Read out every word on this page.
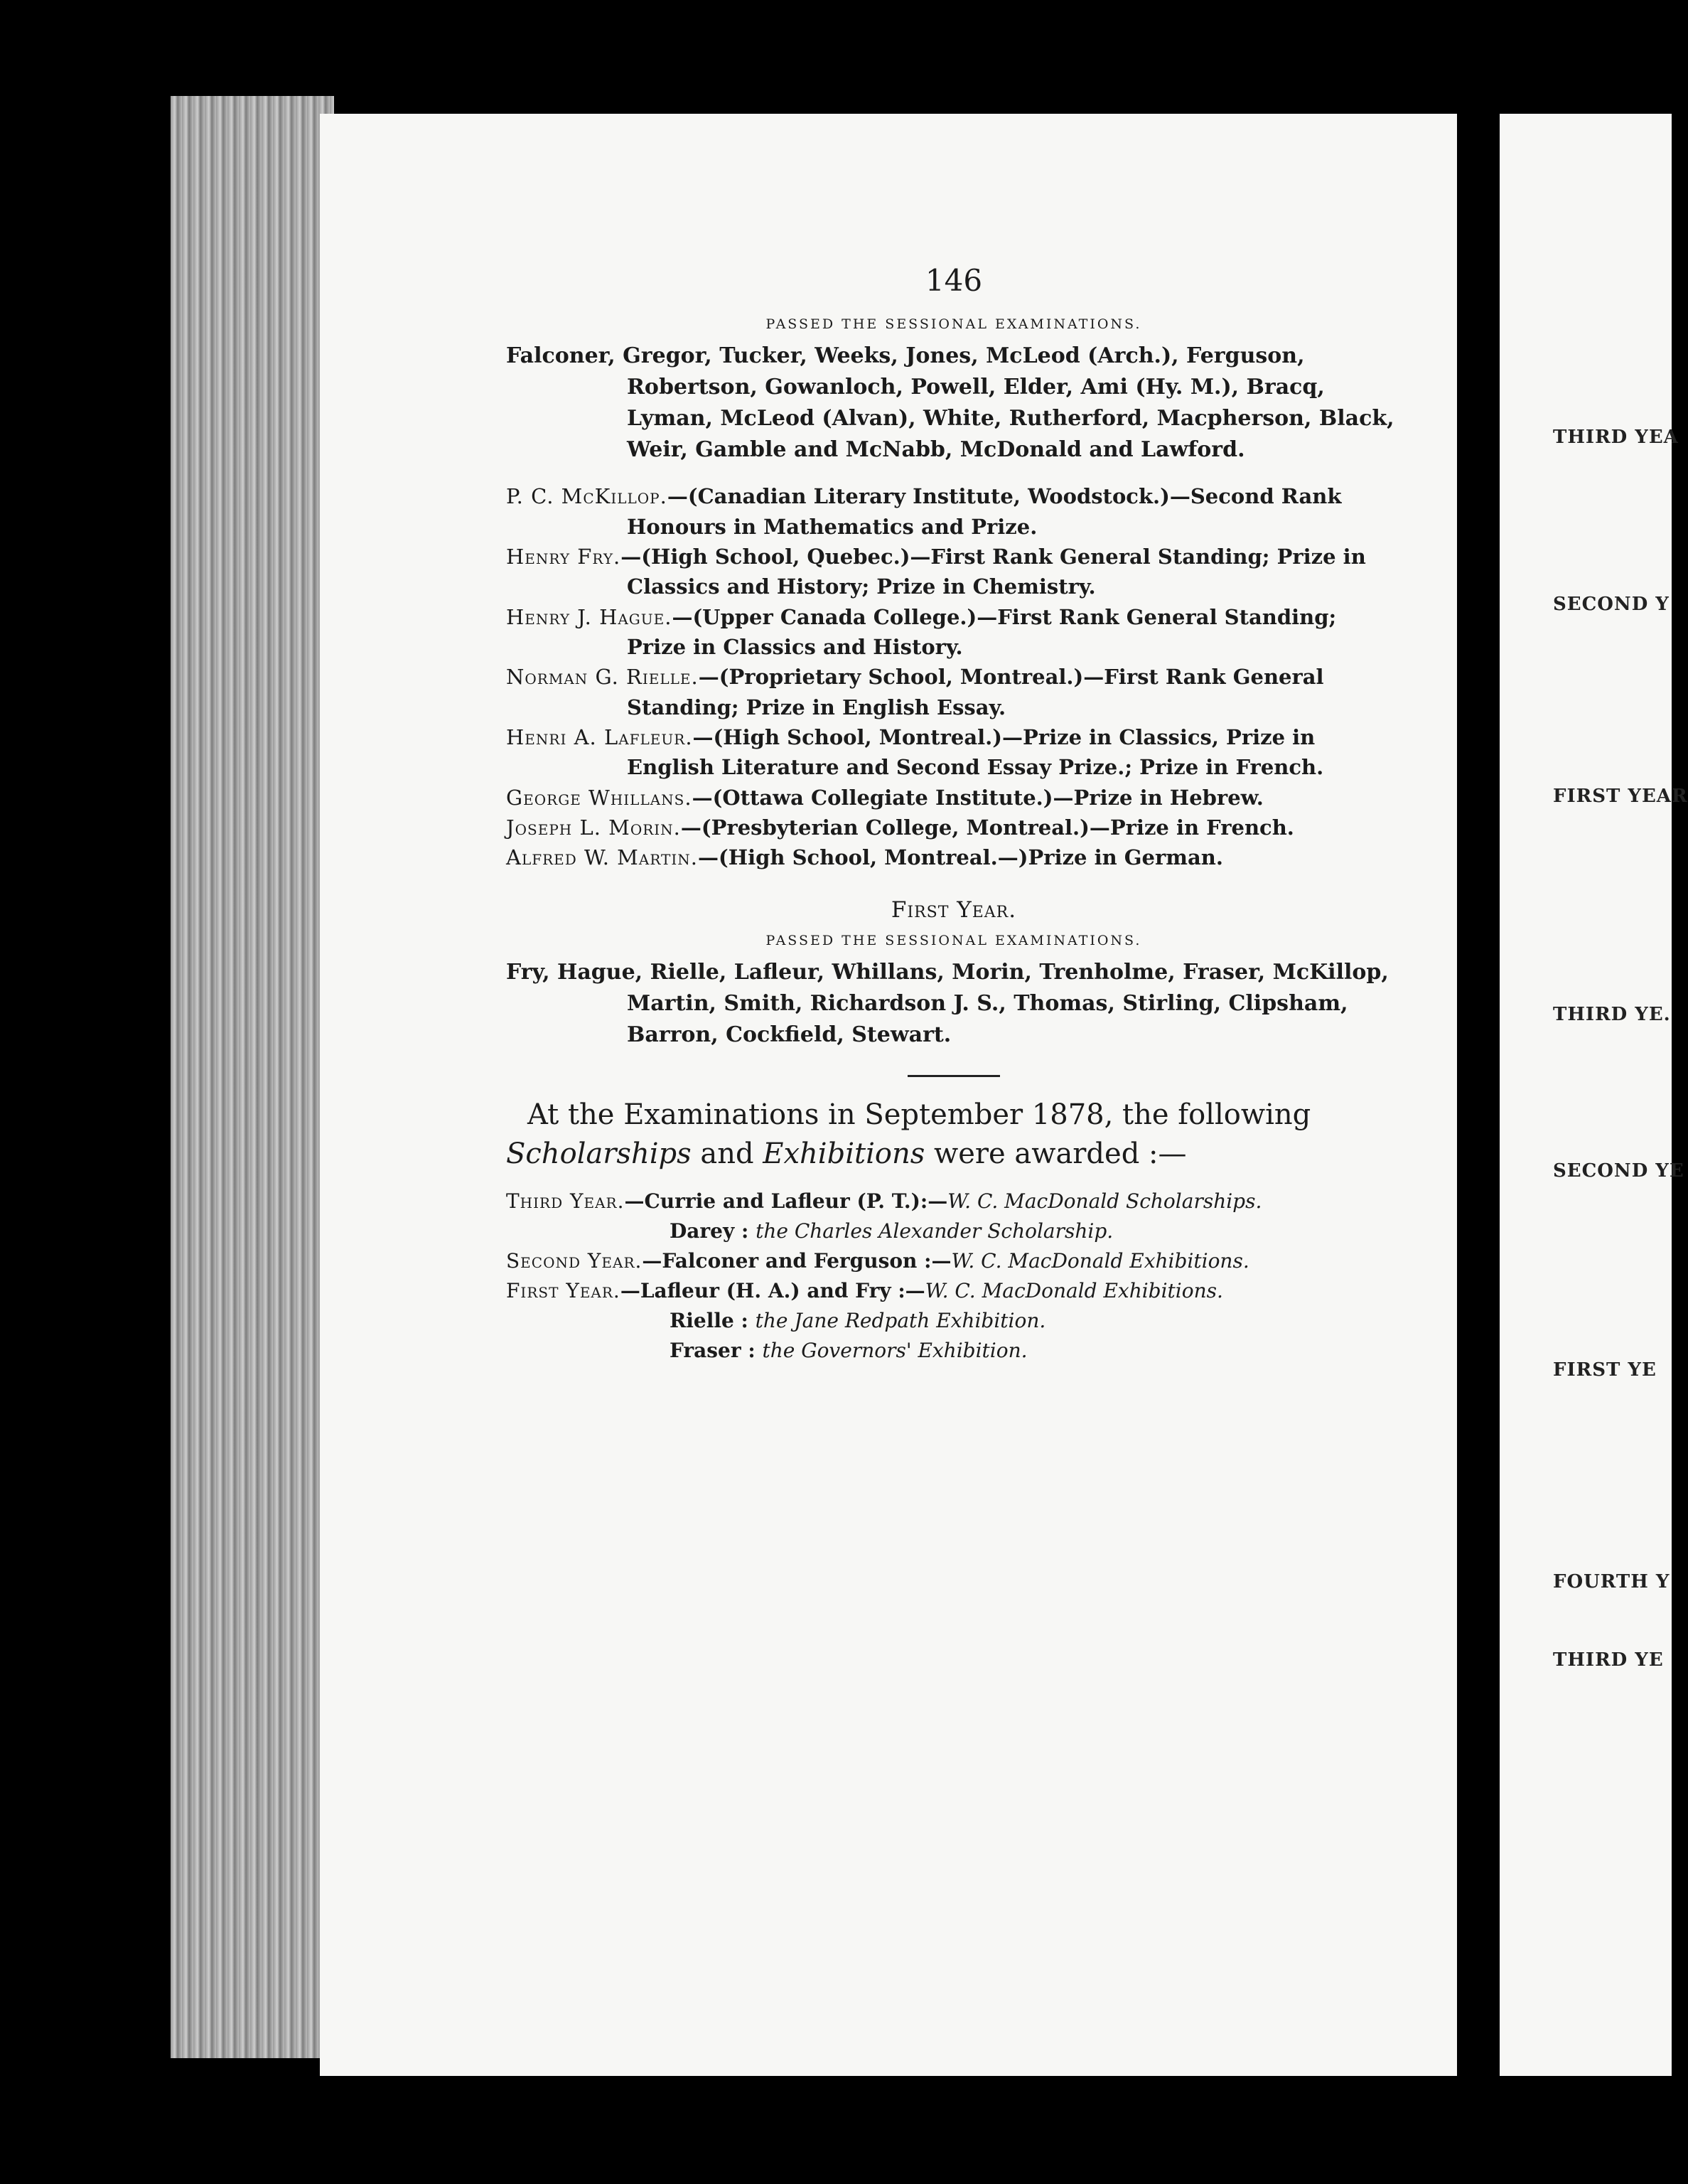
THIRD YEA
SECOND Y
FIRST YEAR
THIRD YE.
SECOND YE
FIRST YE
FOURTH Y
THIRD YE
146
PASSED THE SESSIONAL EXAMINATIONS.

Falconer, Gregor, Tucker, Weeks, Jones, McLeod (Arch.), Ferguson, Robertson, Gowanloch, Powell, Elder, Ami (Hy. M.), Bracq, Lyman, McLeod (Alvan), White, Rutherford, Macpherson, Black, Weir, Gamble and McNabb, McDonald and Lawford.

P. C. McKillop.—(Canadian Literary Institute, Woodstock.)—Second Rank Honours in Mathematics and Prize.

Henry Fry.—(High School, Quebec.)—First Rank General Standing; Prize in Classics and History; Prize in Chemistry.

Henry J. Hague.—(Upper Canada College.)—First Rank General Standing; Prize in Classics and History.

Norman G. Rielle.—(Proprietary School, Montreal.)—First Rank General Standing; Prize in English Essay.

Henri A. Lafleur.—(High School, Montreal.)—Prize in Classics, Prize in English Literature and Second Essay Prize.; Prize in French.

George Whillans.—(Ottawa Collegiate Institute.)—Prize in Hebrew.

Joseph L. Morin.—(Presbyterian College, Montreal.)—Prize in French.

Alfred W. Martin.—(High School, Montreal.—)Prize in German.

First Year.
PASSED THE SESSIONAL EXAMINATIONS.

Fry, Hague, Rielle, Lafleur, Whillans, Morin, Trenholme, Fraser, McKillop, Martin, Smith, Richardson J. S., Thomas, Stirling, Clipsham, Barron, Cockfield, Stewart.

At the Examinations in September 1878, the following Scholarships and Exhibitions were awarded :—

Third Year.—Currie and Lafleur (P. T.):—W. C. MacDonald Scholarships.

Darey : the Charles Alexander Scholarship.

Second Year.—Falconer and Ferguson :—W. C. MacDonald Exhibitions.

First Year.—Lafleur (H. A.) and Fry :—W. C. MacDonald Exhibitions.

Rielle : the Jane Redpath Exhibition.

Fraser : the Governors' Exhibition.
